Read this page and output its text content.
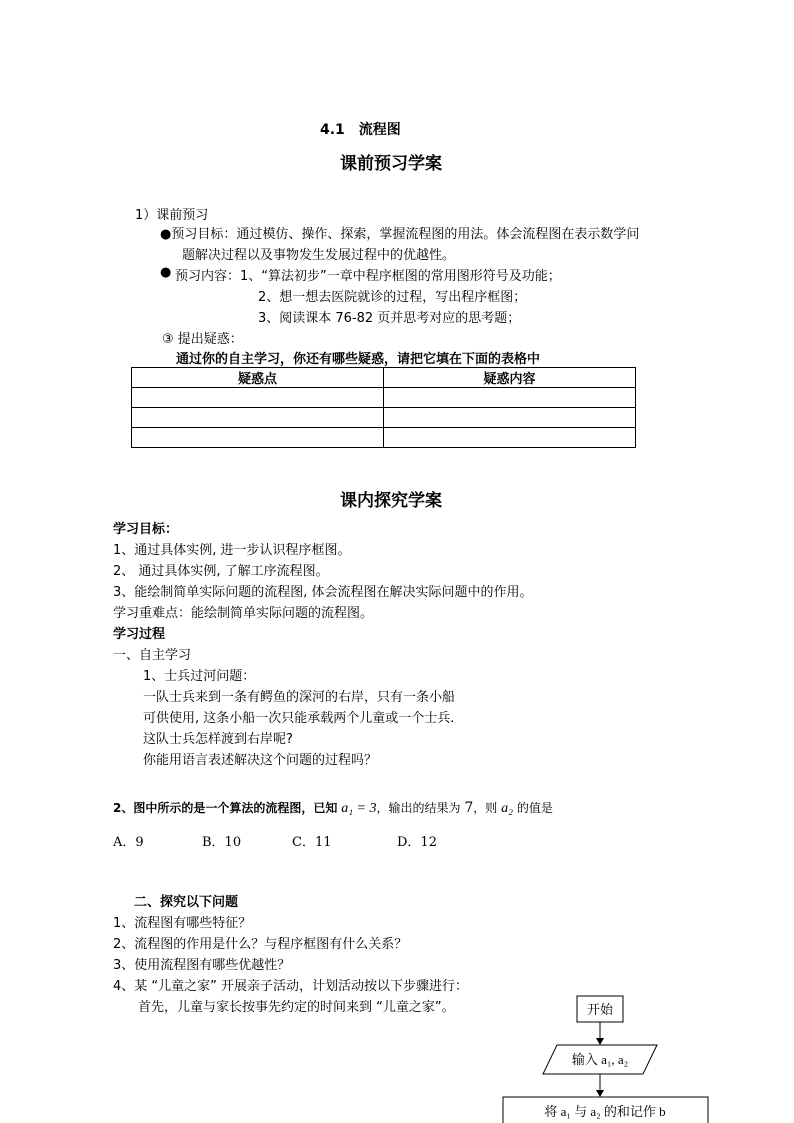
4.1　流程图
课前预习学案
1）课前预习
●预习目标：通过模仿、操作、探索，掌握流程图的用法。体会流程图在表示数学问
题解决过程以及事物发生发展过程中的优越性。
● 预习内容：1、“算法初步”一章中程序框图的常用图形符号及功能；
2、想一想去医院就诊的过程，写出程序框图；
3、阅读课本 76-82 页并思考对应的思考题；
③ 提出疑惑：
通过你的自主学习，你还有哪些疑惑，请把它填在下面的表格中
疑惑点	疑惑内容

课内探究学案
学习目标：
1、通过具体实例, 进一步认识程序框图。
2、 通过具体实例, 了解工序流程图。
3、能绘制简单实际问题的流程图, 体会流程图在解决实际问题中的作用。
学习重难点：能绘制简单实际问题的流程图。
学习过程
一、自主学习
1、士兵过河问题：
一队士兵来到一条有鳄鱼的深河的右岸，只有一条小船
可供使用, 这条小船一次只能承载两个儿童或一个士兵.
这队士兵怎样渡到右岸呢?
你能用语言表述解决这个问题的过程吗？
2、图中所示的是一个算法的流程图，已知 a₁ = 3，输出的结果为 7，则 a₂ 的值是
A．9	B．10	C．11	D．12
二、探究以下问题
1、流程图有哪些特征？
2、流程图的作用是什么？与程序框图有什么关系？
3、使用流程图有哪些优越性？
4、某 “儿童之家” 开展亲子活动，计划活动按以下步骤进行：
首先，儿童与家长按事先约定的时间来到 “儿童之家”。	开始
输入 a₁, a₂
将 a₁ 与 a₂ 的和记作 b
